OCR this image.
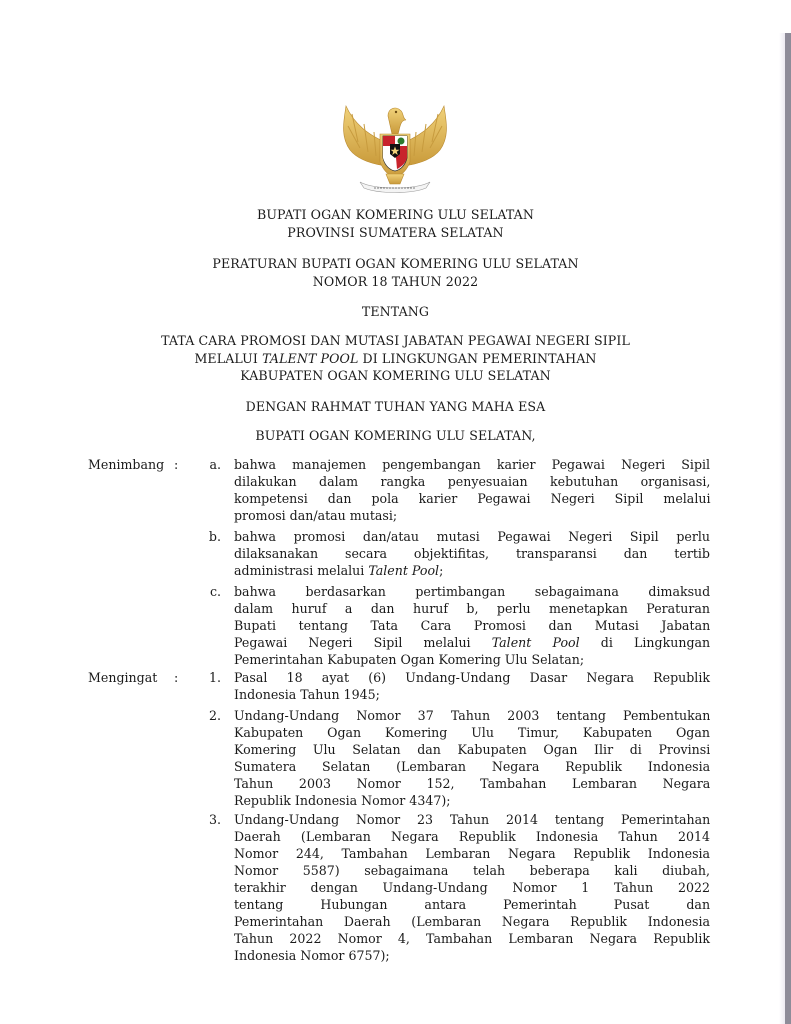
BUPATI OGAN KOMERING ULU SELATAN
PROVINSI SUMATERA SELATAN
PERATURAN BUPATI OGAN KOMERING ULU SELATAN
NOMOR 18 TAHUN 2022
TENTANG
TATA CARA PROMOSI DAN MUTASI JABATAN PEGAWAI NEGERI SIPIL
MELALUI TALENT POOL DI LINGKUNGAN PEMERINTAHAN
KABUPATEN OGAN KOMERING ULU SELATAN
DENGAN RAHMAT TUHAN YANG MAHA ESA
BUPATI OGAN KOMERING ULU SELATAN,
Menimbang :	a. bahwa manajemen pengembangan karier Pegawai Negeri Sipil
dilakukan dalam rangka penyesuaian kebutuhan organisasi,
kompetensi dan pola karier Pegawai Negeri Sipil melalui
promosi dan/atau mutasi;
b. bahwa promosi dan/atau mutasi Pegawai Negeri Sipil perlu
dilaksanakan secara objektifitas, transparansi dan tertib
administrasi melalui Talent Pool;
c. bahwa berdasarkan pertimbangan sebagaimana dimaksud
dalam huruf a dan huruf b, perlu menetapkan Peraturan
Bupati tentang Tata Cara Promosi dan Mutasi Jabatan
Pegawai Negeri Sipil melalui Talent Pool di Lingkungan
Pemerintahan Kabupaten Ogan Komering Ulu Selatan;
Mengingat :	1. Pasal 18 ayat (6) Undang-Undang Dasar Negara Republik
Indonesia Tahun 1945;
2. Undang-Undang Nomor 37 Tahun 2003 tentang Pembentukan
Kabupaten Ogan Komering Ulu Timur, Kabupaten Ogan
Komering Ulu Selatan dan Kabupaten Ogan Ilir di Provinsi
Sumatera Selatan (Lembaran Negara Republik Indonesia
Tahun 2003 Nomor 152, Tambahan Lembaran Negara
Republik Indonesia Nomor 4347);
3. Undang-Undang Nomor 23 Tahun 2014 tentang Pemerintahan
Daerah (Lembaran Negara Republik Indonesia Tahun 2014
Nomor 244, Tambahan Lembaran Negara Republik Indonesia
Nomor 5587) sebagaimana telah beberapa kali diubah,
terakhir dengan Undang-Undang Nomor 1 Tahun 2022
tentang Hubungan antara Pemerintah Pusat dan
Pemerintahan Daerah (Lembaran Negara Republik Indonesia
Tahun 2022 Nomor 4, Tambahan Lembaran Negara Republik
Indonesia Nomor 6757);
